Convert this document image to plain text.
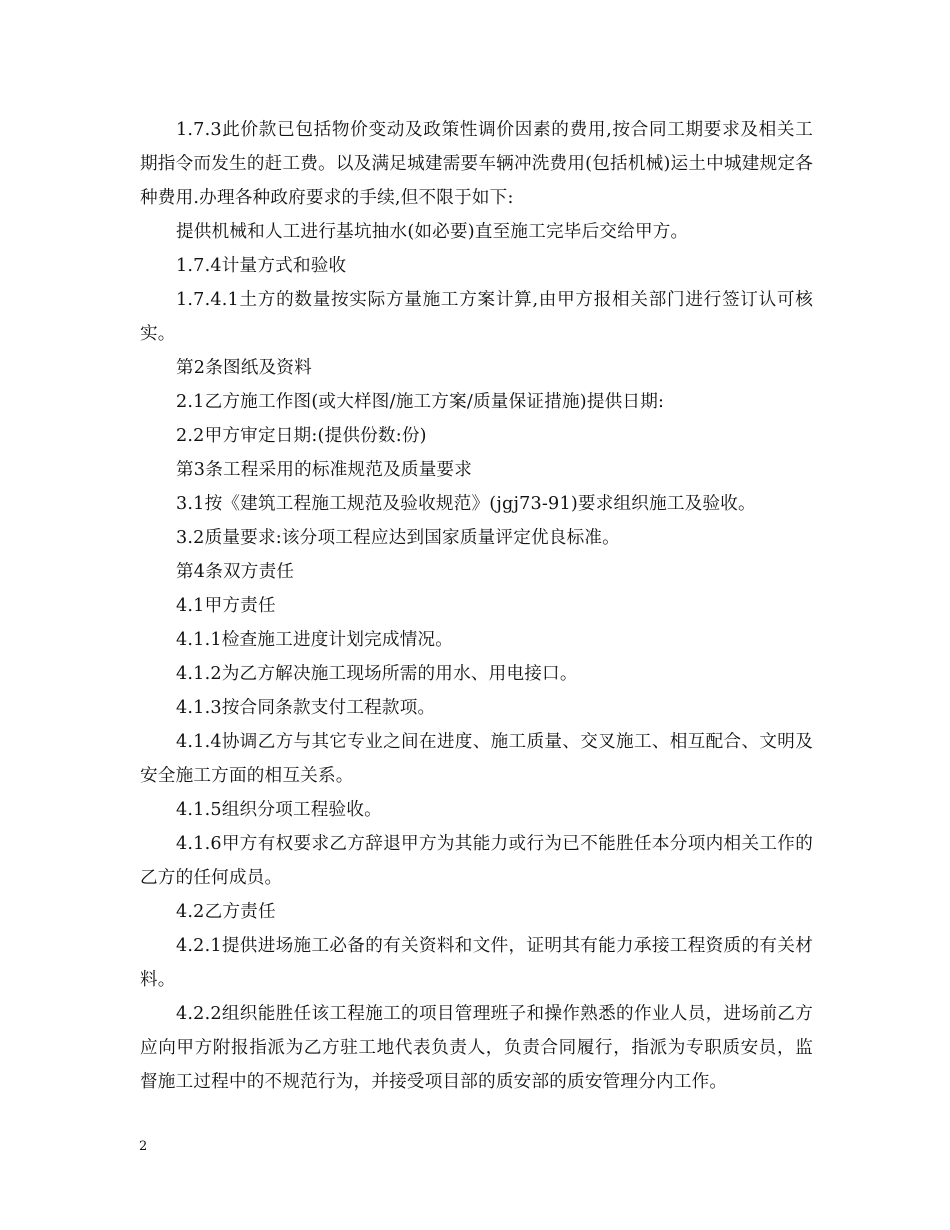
1.7.3此价款已包括物价变动及政策性调价因素的费用,按合同工期要求及相关工期指令而发生的赶工费。以及满足城建需要车辆冲洗费用(包括机械)运土中城建规定各种费用.办理各种政府要求的手续,但不限于如下:

提供机械和人工进行基坑抽水(如必要)直至施工完毕后交给甲方。

1.7.4计量方式和验收

1.7.4.1土方的数量按实际方量施工方案计算,由甲方报相关部门进行签订认可核实。

第2条图纸及资料

2.1乙方施工作图(或大样图/施工方案/质量保证措施)提供日期:

2.2甲方审定日期:(提供份数:份)

第3条工程采用的标准规范及质量要求

3.1按《建筑工程施工规范及验收规范》(jgj73-91)要求组织施工及验收。

3.2质量要求:该分项工程应达到国家质量评定优良标准。

第4条双方责任

4.1甲方责任

4.1.1检查施工进度计划完成情况。

4.1.2为乙方解决施工现场所需的用水、用电接口。

4.1.3按合同条款支付工程款项。

4.1.4协调乙方与其它专业之间在进度、施工质量、交叉施工、相互配合、文明及安全施工方面的相互关系。

4.1.5组织分项工程验收。

4.1.6甲方有权要求乙方辞退甲方为其能力或行为已不能胜任本分项内相关工作的乙方的任何成员。

4.2乙方责任

4.2.1提供进场施工必备的有关资料和文件，证明其有能力承接工程资质的有关材料。

4.2.2组织能胜任该工程施工的项目管理班子和操作熟悉的作业人员，进场前乙方应向甲方附报指派为乙方驻工地代表负责人，负责合同履行，指派为专职质安员，监督施工过程中的不规范行为，并接受项目部的质安部的质安管理分内工作。

2
